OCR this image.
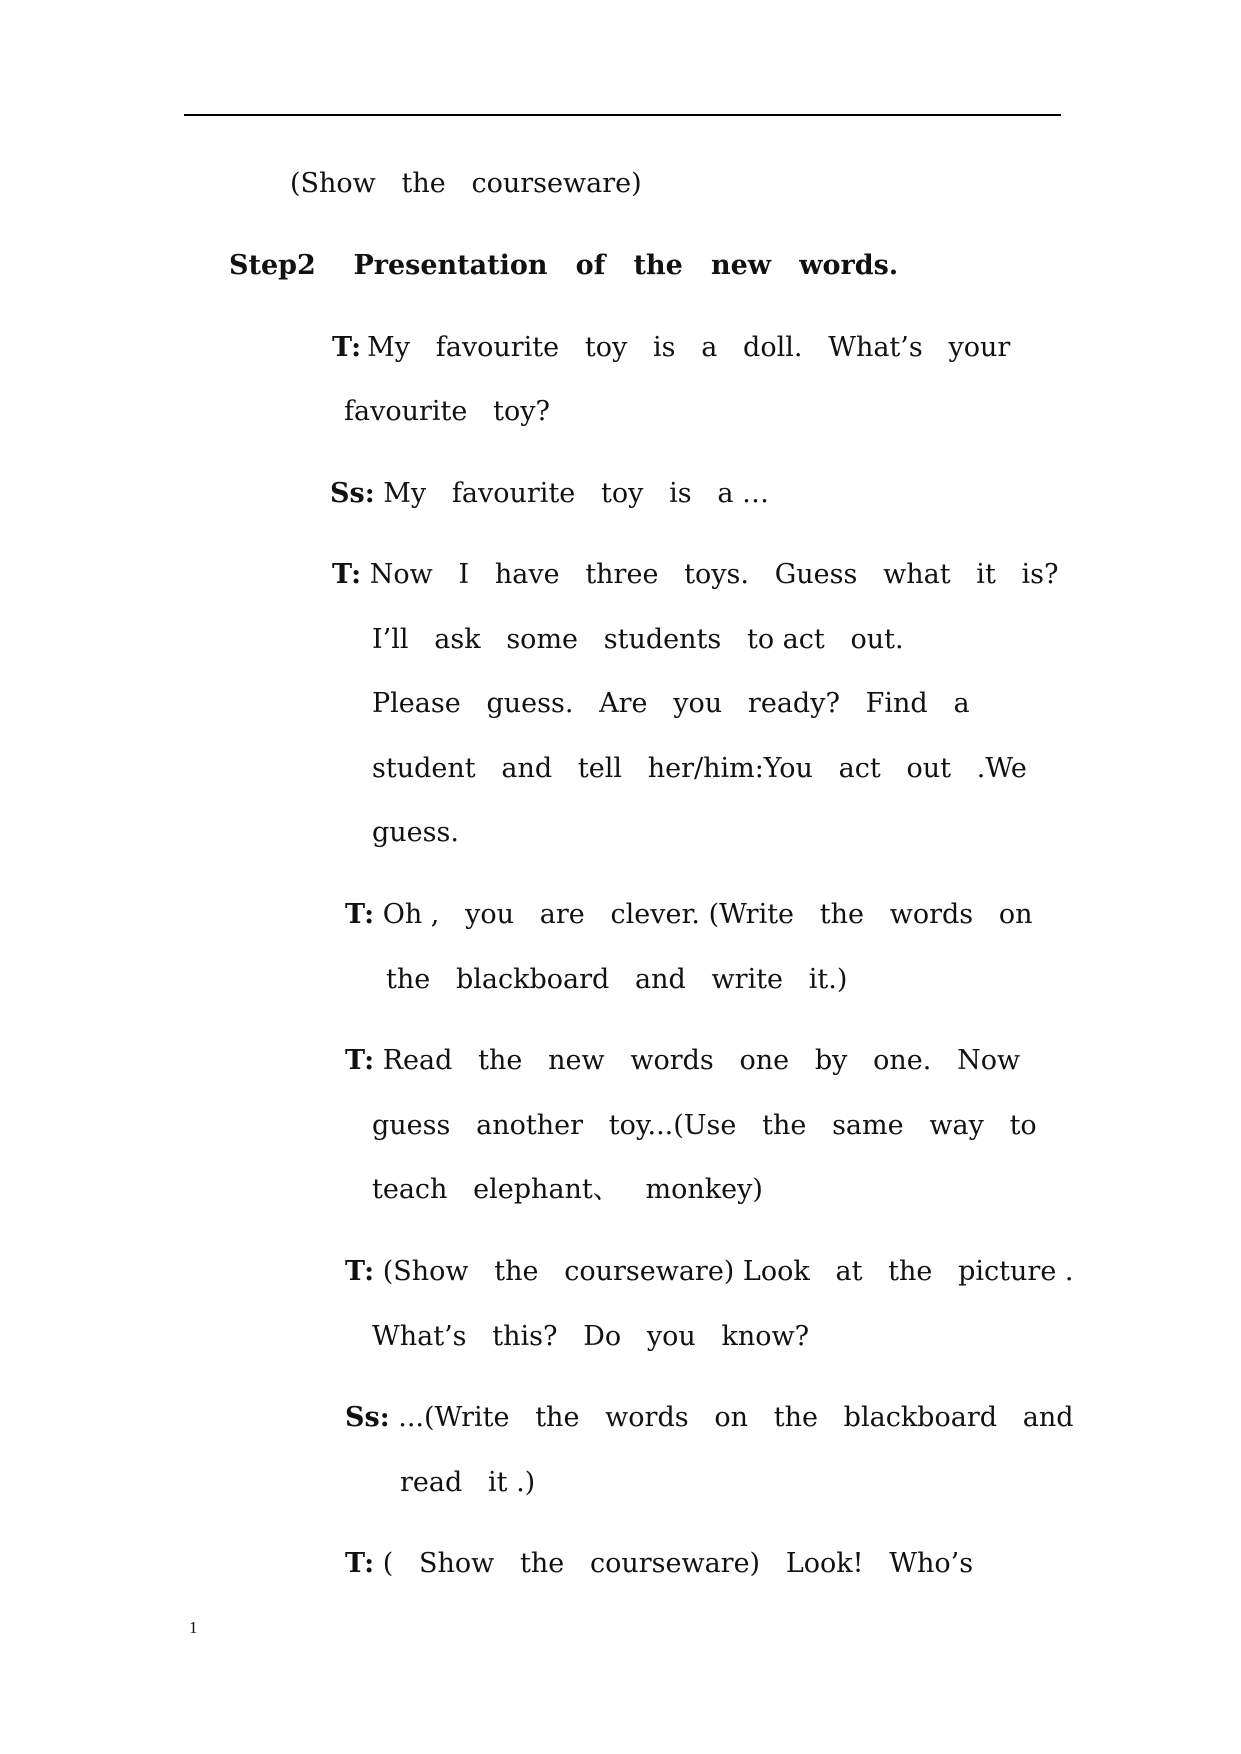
(Show   the   courseware)
Step2 Presentation   of   the   new   words.
T: My   favourite   toy   is   a   doll.   What’s   your
favourite   toy?
Ss: My   favourite   toy   is   a …
T: Now   I   have   three   toys.   Guess   what   it   is?
I’ll   ask   some   students   to act   out.
Please   guess.   Are   you   ready?   Find   a
student   and   tell   her/him:You   act   out   .We
guess.
T: Oh ,   you   are   clever. (Write   the   words   on
the   blackboard   and   write   it.)
T: Read   the   new   words   one   by   one.   Now
guess   another   toy...(Use   the   same   way   to
teach   elephant、   monkey)
T: (Show   the   courseware) Look   at   the   picture .
What’s   this?   Do   you   know?
Ss: ...(Write   the   words   on   the   blackboard   and
read   it .)
T: (   Show   the   courseware)   Look!   Who’s
1
